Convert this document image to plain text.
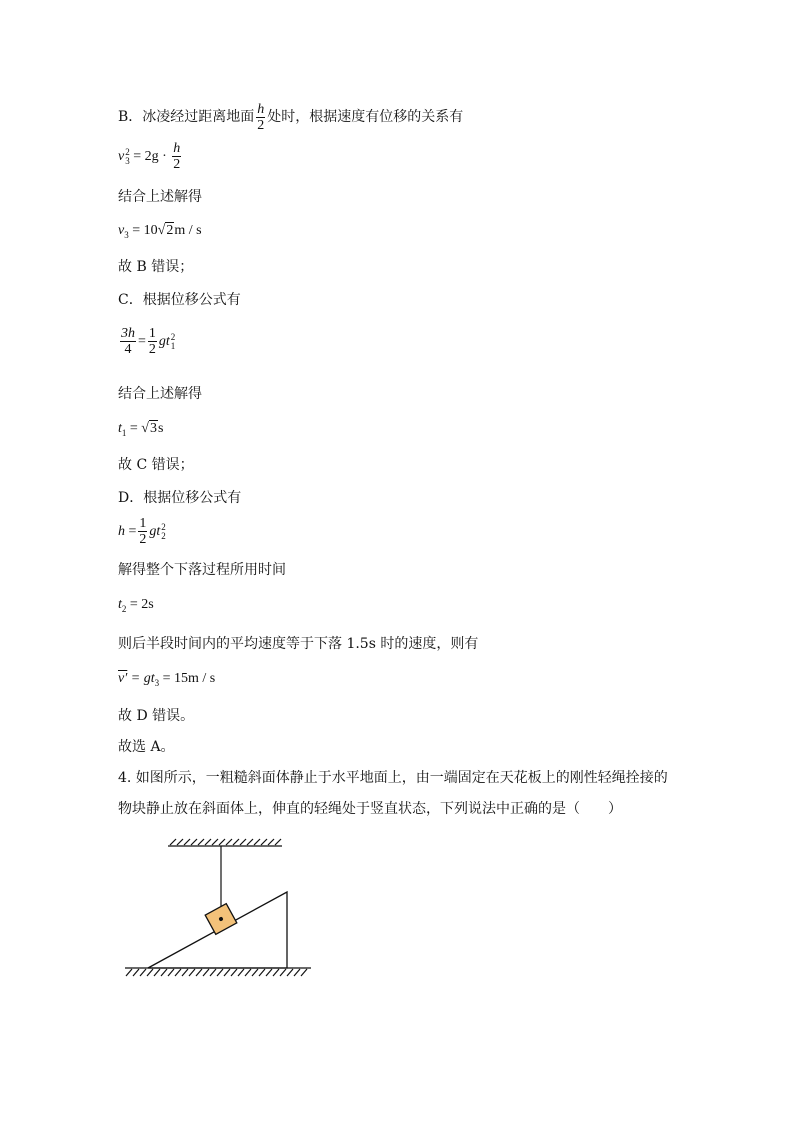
B．冰凌经过距离地面 $\frac{h}{2}$ 处时，根据速度有位移的关系有
v 2
$3 = 2g \cdot \frac{h}{2}$
结合上述解得
$v_3 = 10√2m / s$
故 B 错误；
C．根据位移公式有
$\frac{3h}{4} = \frac{1}{2}$ gt 2
1
结合上述解得
$t_1 = √3s$
故 C 错误；
D．根据位移公式有
$h = \frac{1}{2}$ gt 2
2
解得整个下落过程所用时间
$t_2 = 2s$
则后半段时间内的平均速度等于下落 1.5s 时的速度，则有
$v' = gt_3 = 15m / s$
故 D 错误。
故选 A。
4. 如图所示，一粗糙斜面体静止于水平地面上，由一端固定在天花板上的刚性轻绳拴接的
物块静止放在斜面体上，伸直的轻绳处于竖直状态，下列说法中正确的是（　　）
